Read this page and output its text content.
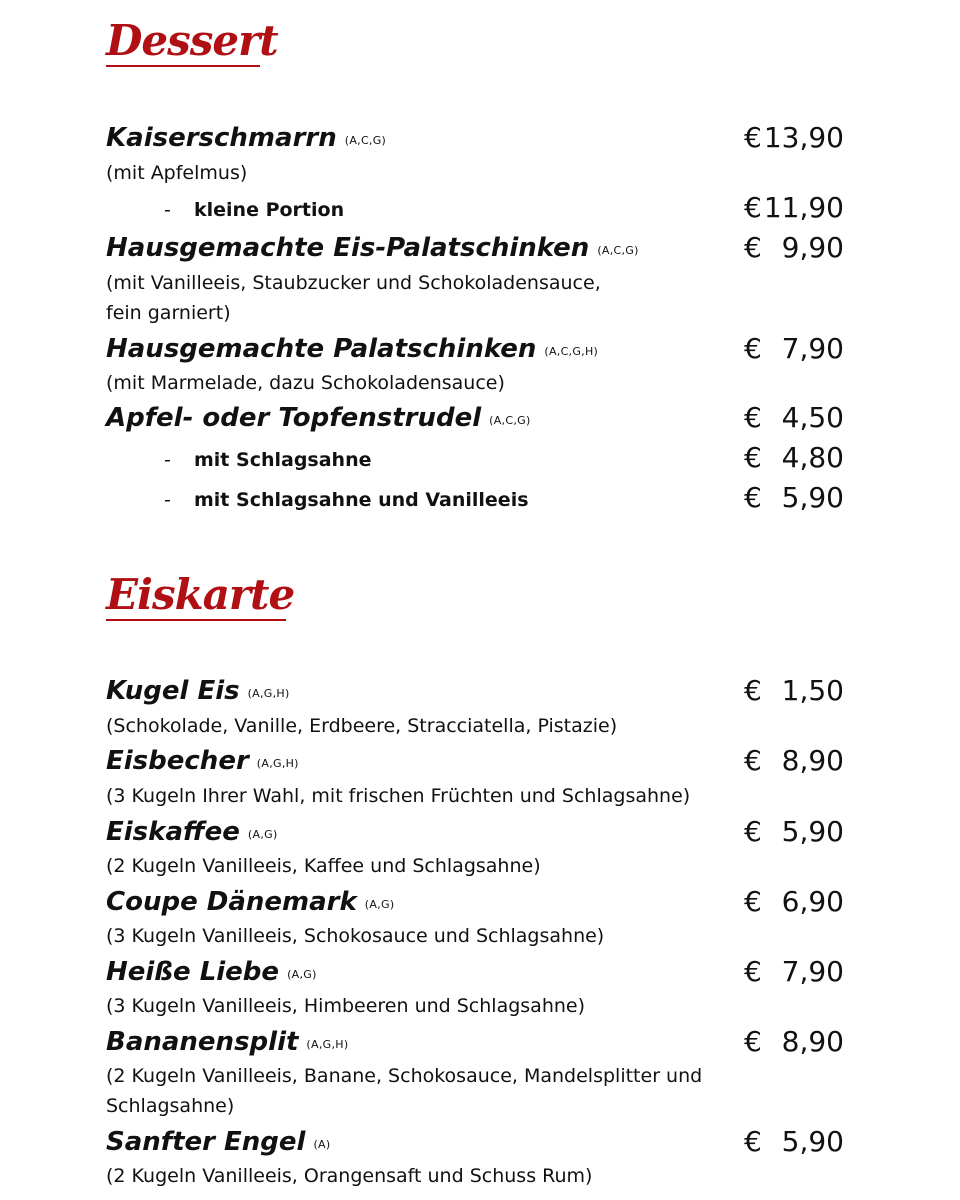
Dessert
Kaiserschmarrn (A,C,G)	€ 13,90
(mit Apfelmus)
- kleine Portion	€ 11,90
Hausgemachte Eis-Palatschinken (A,C,G)	€ 9,90
(mit Vanilleeis, Staubzucker und Schokoladensauce, fein garniert)
Hausgemachte Palatschinken (A,C,G,H)	€ 7,90
(mit Marmelade, dazu Schokoladensauce)
Apfel- oder Topfenstrudel (A,C,G)	€ 4,50
- mit Schlagsahne	€ 4,80
- mit Schlagsahne und Vanilleeis	€ 5,90
Eiskarte
Kugel Eis (A,G,H)	€ 1,50
(Schokolade, Vanille, Erdbeere, Stracciatella, Pistazie)
Eisbecher (A,G,H)	€ 8,90
(3 Kugeln Ihrer Wahl, mit frischen Früchten und Schlagsahne)
Eiskaffee (A,G)	€ 5,90
(2 Kugeln Vanilleeis, Kaffee und Schlagsahne)
Coupe Dänemark (A,G)	€ 6,90
(3 Kugeln Vanilleeis, Schokosauce und Schlagsahne)
Heiße Liebe (A,G)	€ 7,90
(3 Kugeln Vanilleeis, Himbeeren und Schlagsahne)
Bananensplit (A,G,H)	€ 8,90
(2 Kugeln Vanilleeis, Banane, Schokosauce, Mandelsplitter und Schlagsahne)
Sanfter Engel (A)	€ 5,90
(2 Kugeln Vanilleeis, Orangensaft und Schuss Rum)
